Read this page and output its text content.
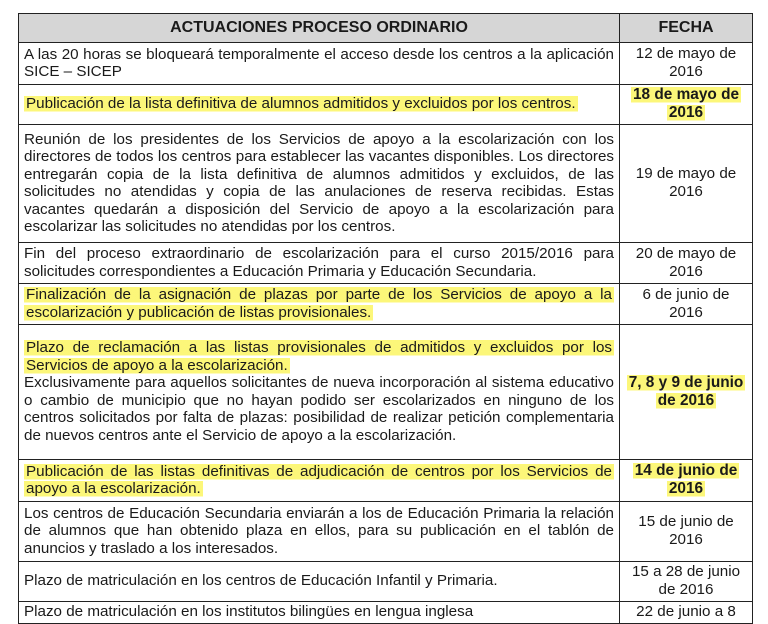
ACTUACIONES PROCESO ORDINARIO	FECHA

A las 20 horas se bloqueará temporalmente el acceso desde los centros a la aplicación SICE – SICEP	12 de mayo de 2016

Publicación de la lista definitiva de alumnos admitidos y excluidos por los centros.	18 de mayo de 2016

Reunión de los presidentes de los Servicios de apoyo a la escolarización con los directores de todos los centros para establecer las vacantes disponibles. Los directores entregarán copia de la lista definitiva de alumnos admitidos y excluidos, de las solicitudes no atendidas y copia de las anulaciones de reserva recibidas. Estas vacantes quedarán a disposición del Servicio de apoyo a la escolarización para escolarizar las solicitudes no atendidas por los centros.	19 de mayo de 2016

Fin del proceso extraordinario de escolarización para el curso 2015/2016 para solicitudes correspondientes a Educación Primaria y Educación Secundaria.	20 de mayo de 2016

Finalización de la asignación de plazas por parte de los Servicios de apoyo a la escolarización y publicación de listas provisionales.	6 de junio de 2016

Plazo de reclamación a las listas provisionales de admitidos y excluidos por los Servicios de apoyo a la escolarización.
Exclusivamente para aquellos solicitantes de nueva incorporación al sistema educativo o cambio de municipio que no hayan podido ser escolarizados en ninguno de los centros solicitados por falta de plazas: posibilidad de realizar petición complementaria de nuevos centros ante el Servicio de apoyo a la escolarización.	7, 8 y 9 de junio de 2016

Publicación de las listas definitivas de adjudicación de centros por los Servicios de apoyo a la escolarización.	14 de junio de 2016

Los centros de Educación Secundaria enviarán a los de Educación Primaria la relación de alumnos que han obtenido plaza en ellos, para su publicación en el tablón de anuncios y traslado a los interesados.	15 de junio de 2016

Plazo de matriculación en los centros de Educación Infantil y Primaria.	15 a 28 de junio de 2016

Plazo de matriculación en los institutos bilingües en lengua inglesa	22 de junio a 8
